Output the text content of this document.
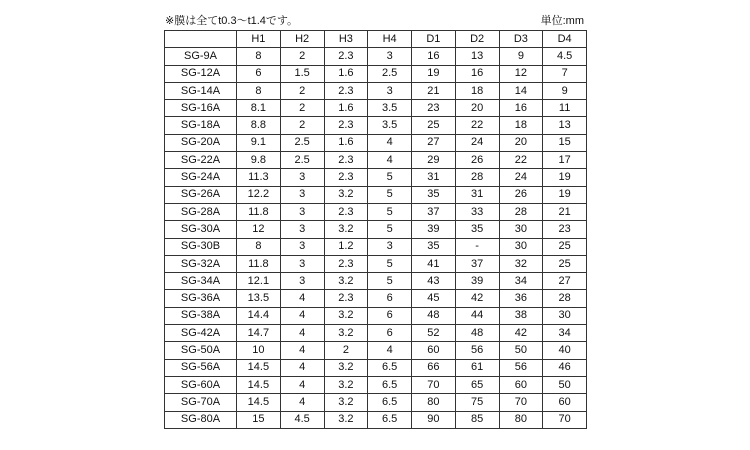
※膜は全てt0.3〜t1.4です。	単位:mm
	H1	H2	H3	H4	D1	D2	D3	D4
SG-9A	8	2	2.3	3	16	13	9	4.5
SG-12A	6	1.5	1.6	2.5	19	16	12	7
SG-14A	8	2	2.3	3	21	18	14	9
SG-16A	8.1	2	1.6	3.5	23	20	16	11
SG-18A	8.8	2	2.3	3.5	25	22	18	13
SG-20A	9.1	2.5	1.6	4	27	24	20	15
SG-22A	9.8	2.5	2.3	4	29	26	22	17
SG-24A	11.3	3	2.3	5	31	28	24	19
SG-26A	12.2	3	3.2	5	35	31	26	19
SG-28A	11.8	3	2.3	5	37	33	28	21
SG-30A	12	3	3.2	5	39	35	30	23
SG-30B	8	3	1.2	3	35	-	30	25
SG-32A	11.8	3	2.3	5	41	37	32	25
SG-34A	12.1	3	3.2	5	43	39	34	27
SG-36A	13.5	4	2.3	6	45	42	36	28
SG-38A	14.4	4	3.2	6	48	44	38	30
SG-42A	14.7	4	3.2	6	52	48	42	34
SG-50A	10	4	2	4	60	56	50	40
SG-56A	14.5	4	3.2	6.5	66	61	56	46
SG-60A	14.5	4	3.2	6.5	70	65	60	50
SG-70A	14.5	4	3.2	6.5	80	75	70	60
SG-80A	15	4.5	3.2	6.5	90	85	80	70
